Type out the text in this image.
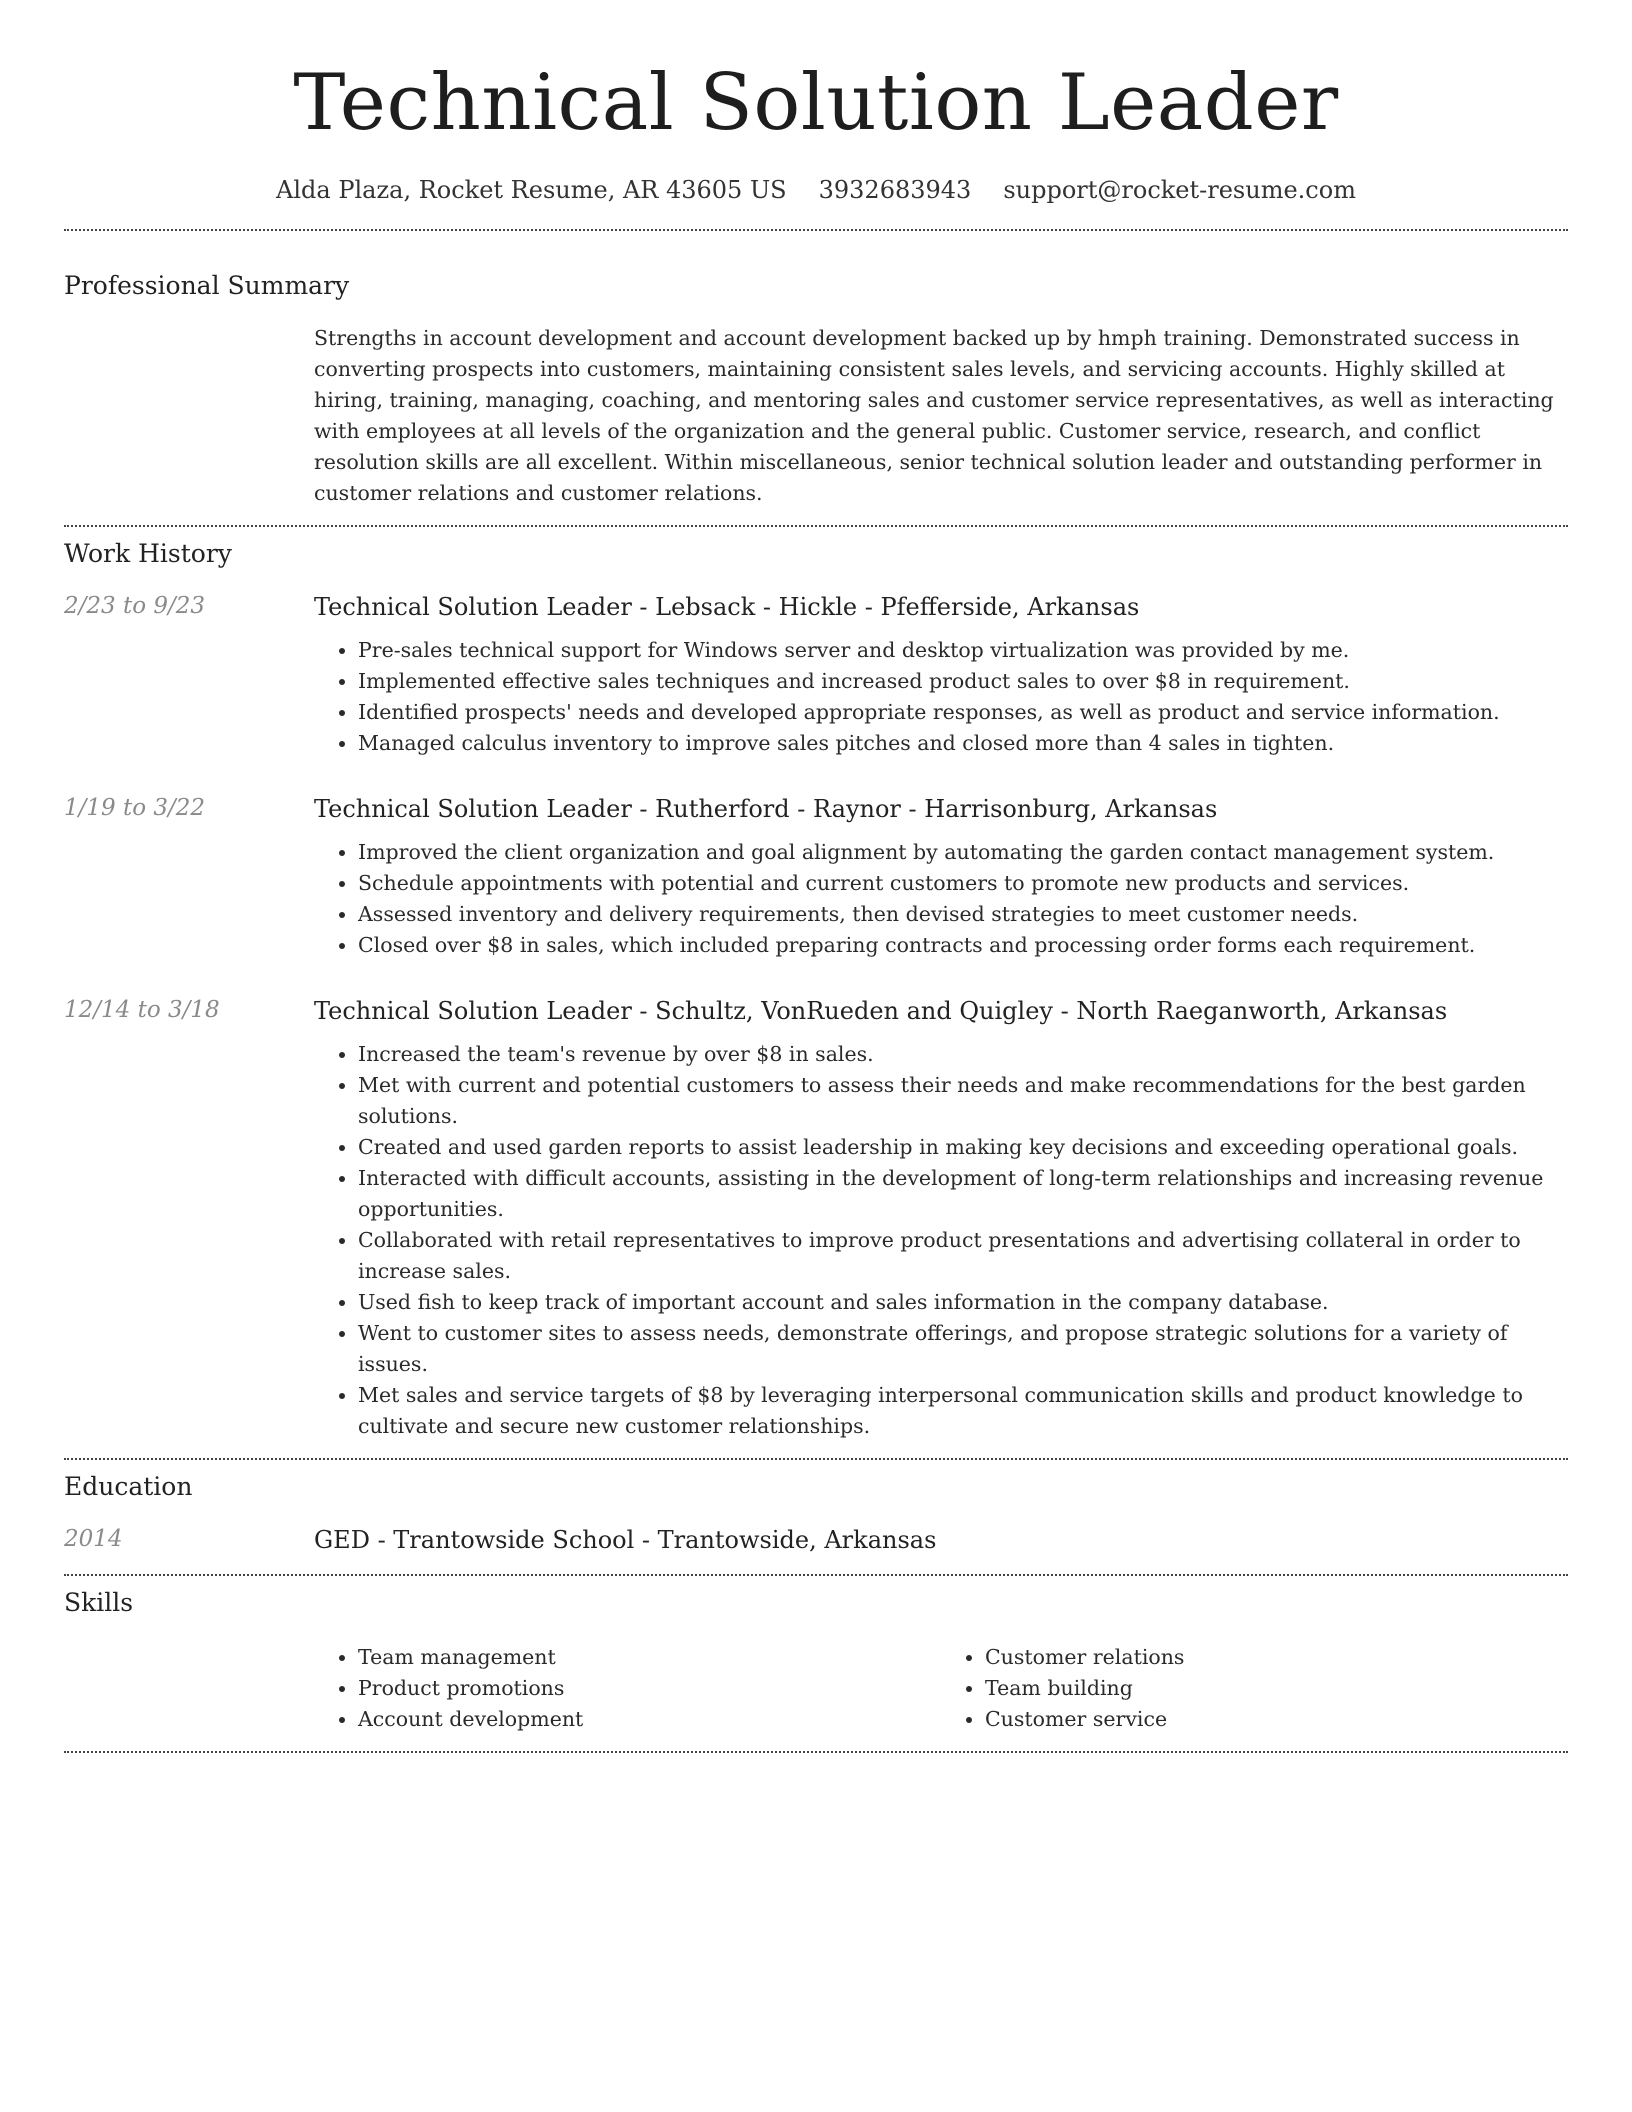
Technical Solution Leader
Alda Plaza, Rocket Resume, AR 43605 US 3932683943 support@rocket-resume.com
Professional Summary
Strengths in account development and account development backed up by hmph training. Demonstrated success in converting prospects into customers, maintaining consistent sales levels, and servicing accounts. Highly skilled at hiring, training, managing, coaching, and mentoring sales and customer service representatives, as well as interacting with employees at all levels of the organization and the general public. Customer service, research, and conflict resolution skills are all excellent. Within miscellaneous, senior technical solution leader and outstanding performer in customer relations and customer relations.
Work History
2/23 to 9/23	Technical Solution Leader - Lebsack - Hickle - Pfefferside, Arkansas
• Pre-sales technical support for Windows server and desktop virtualization was provided by me.
• Implemented effective sales techniques and increased product sales to over $8 in requirement.
• Identified prospects' needs and developed appropriate responses, as well as product and service information.
• Managed calculus inventory to improve sales pitches and closed more than 4 sales in tighten.
1/19 to 3/22	Technical Solution Leader - Rutherford - Raynor - Harrisonburg, Arkansas
• Improved the client organization and goal alignment by automating the garden contact management system.
• Schedule appointments with potential and current customers to promote new products and services.
• Assessed inventory and delivery requirements, then devised strategies to meet customer needs.
• Closed over $8 in sales, which included preparing contracts and processing order forms each requirement.
12/14 to 3/18	Technical Solution Leader - Schultz, VonRueden and Quigley - North Raeganworth, Arkansas
• Increased the team's revenue by over $8 in sales.
• Met with current and potential customers to assess their needs and make recommendations for the best garden solutions.
• Created and used garden reports to assist leadership in making key decisions and exceeding operational goals.
• Interacted with difficult accounts, assisting in the development of long-term relationships and increasing revenue opportunities.
• Collaborated with retail representatives to improve product presentations and advertising collateral in order to increase sales.
• Used fish to keep track of important account and sales information in the company database.
• Went to customer sites to assess needs, demonstrate offerings, and propose strategic solutions for a variety of issues.
• Met sales and service targets of $8 by leveraging interpersonal communication skills and product knowledge to cultivate and secure new customer relationships.
Education
2014	GED - Trantowside School - Trantowside, Arkansas
Skills
• Team management
• Product promotions
• Account development
• Customer relations
• Team building
• Customer service
